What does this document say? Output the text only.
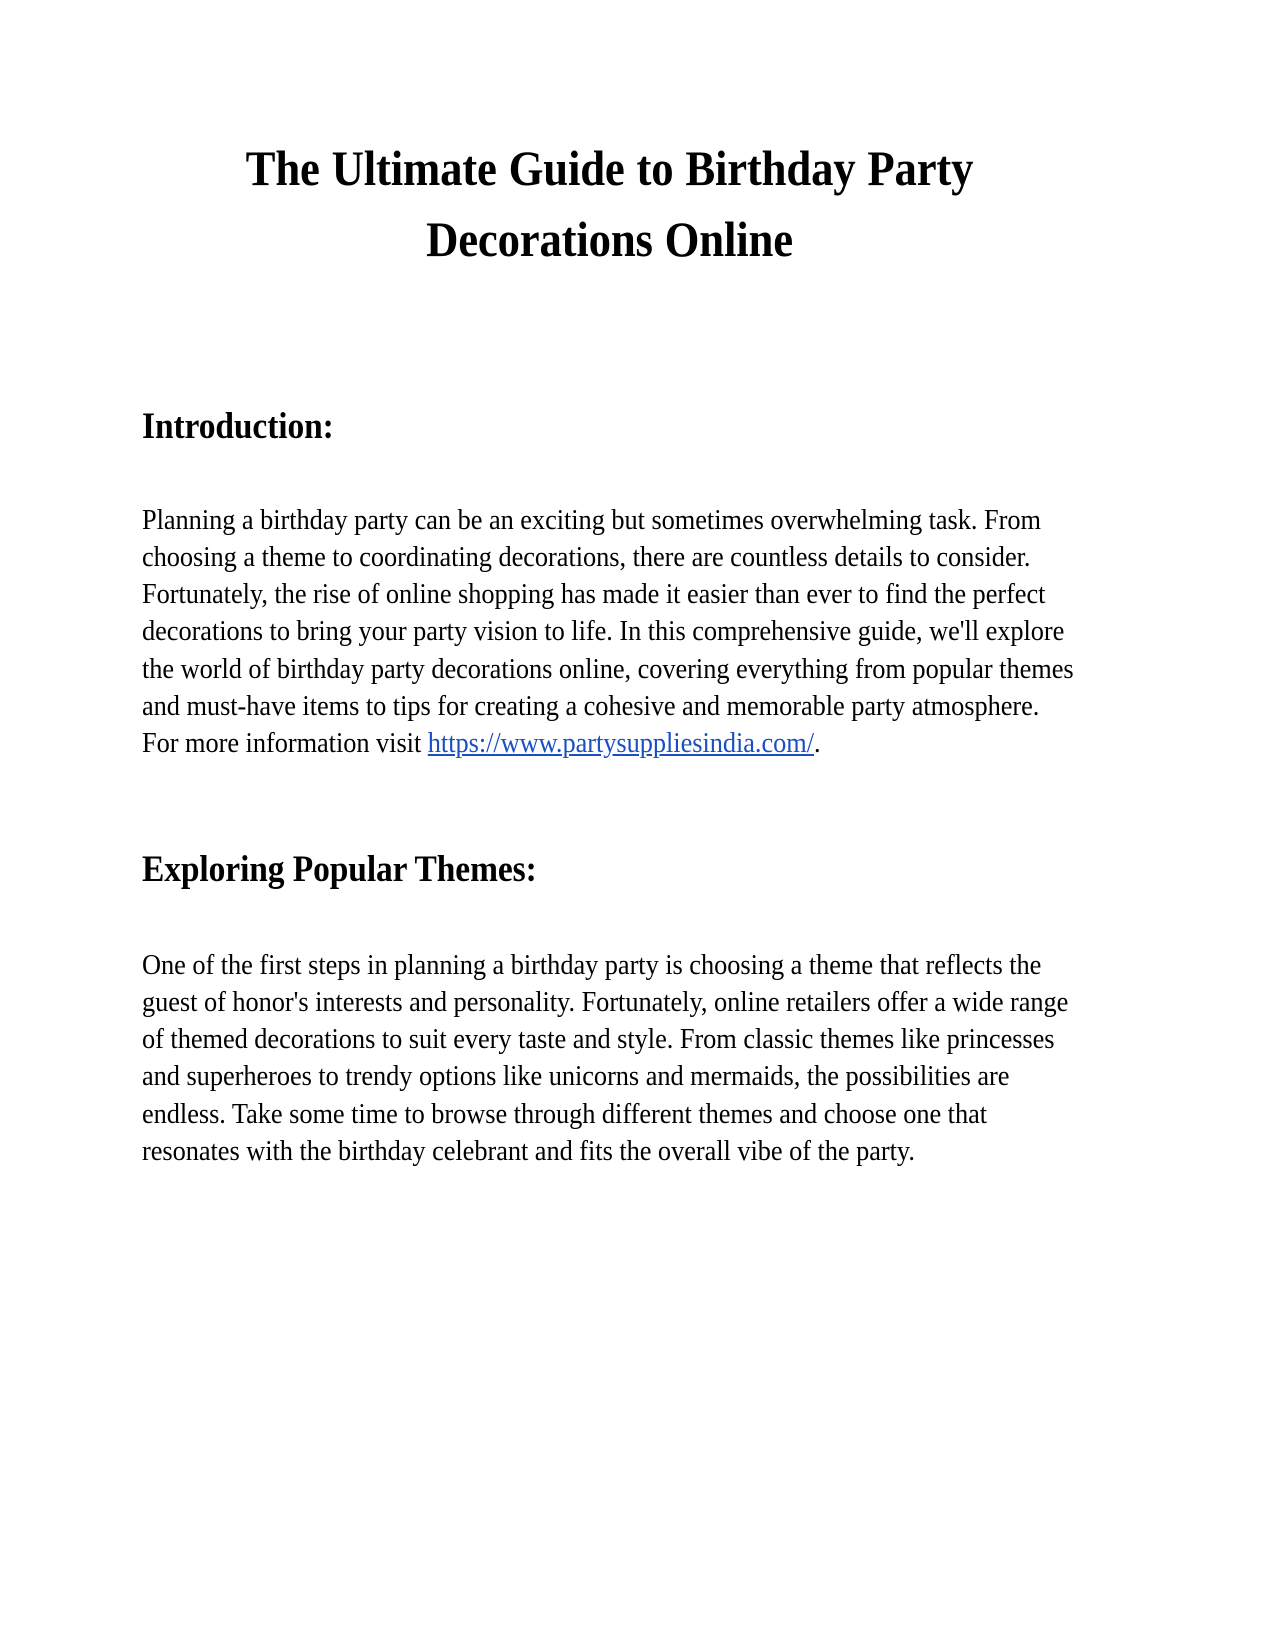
The Ultimate Guide to Birthday Party
Decorations Online
Introduction:

Planning a birthday party can be an exciting but sometimes overwhelming task. From choosing a theme to coordinating decorations, there are countless details to consider. Fortunately, the rise of online shopping has made it easier than ever to find the perfect decorations to bring your party vision to life. In this comprehensive guide, we'll explore the world of birthday party decorations online, covering everything from popular themes and must-have items to tips for creating a cohesive and memorable party atmosphere. For more information visit https://www.partysuppliesindia.com/.

Exploring Popular Themes:

One of the first steps in planning a birthday party is choosing a theme that reflects the guest of honor's interests and personality. Fortunately, online retailers offer a wide range of themed decorations to suit every taste and style. From classic themes like princesses and superheroes to trendy options like unicorns and mermaids, the possibilities are endless. Take some time to browse through different themes and choose one that resonates with the birthday celebrant and fits the overall vibe of the party.
